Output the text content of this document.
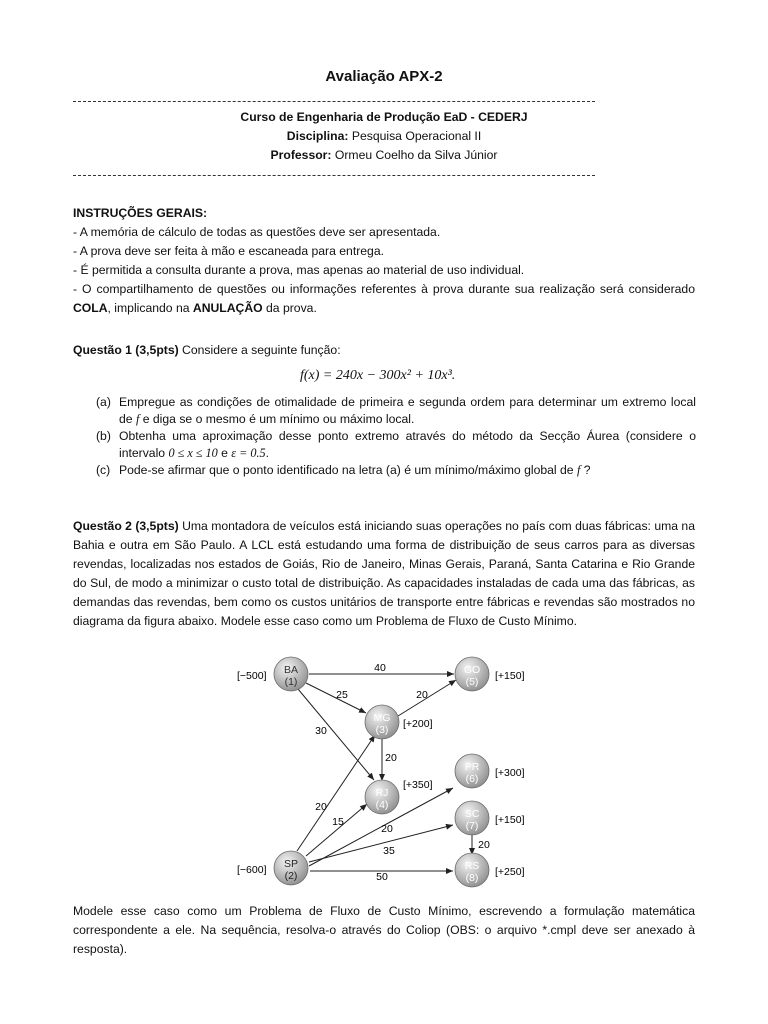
Avaliação APX-2
Curso de Engenharia de Produção EaD - CEDERJ
Disciplina: Pesquisa Operacional II
Professor: Ormeu Coelho da Silva Júnior

INSTRUÇÕES GERAIS:

- A memória de cálculo de todas as questões deve ser apresentada.

- A prova deve ser feita à mão e escaneada para entrega.

- É permitida a consulta durante a prova, mas apenas ao material de uso individual.

- O compartilhamento de questões ou informações referentes à prova durante sua realização será considerado COLA, implicando na ANULAÇÃO da prova.

Questão 1 (3,5pts) Considere a seguinte função:

f(x) = 240x − 300x² + 10x³.
(a) Empregue as condições de otimalidade de primeira e segunda ordem para determinar um extremo local de f e diga se o mesmo é um mínimo ou máximo local.
(b) Obtenha uma aproximação desse ponto extremo através do método da Secção Áurea (considere o intervalo 0 ≤ x ≤ 10 e ε = 0.5.
(c) Pode-se afirmar que o ponto identificado na letra (a) é um mínimo/máximo global de f ?

Questão 2 (3,5pts) Uma montadora de veículos está iniciando suas operações no país com duas fábricas: uma na Bahia e outra em São Paulo. A LCL está estudando uma forma de distribuição de seus carros para as diversas revendas, localizadas nos estados de Goiás, Rio de Janeiro, Minas Gerais, Paraná, Santa Catarina e Rio Grande do Sul, de modo a minimizar o custo total de distribuição. As capacidades instaladas de cada uma das fábricas, as demandas das revendas, bem como os custos unitários de transporte entre fábricas e revendas são mostrados no diagrama da figura abaixo. Modele esse caso como um Problema de Fluxo de Custo Mínimo.

40
25
30
20
20
20
15
20
35
50
20
BA
(1)
[−500]	GO
(5) [+150]
MG
(3) [+200]
PR
(6) [+300]
RJ
(4)
[+350]
SC
(7) [+150]
RS
(8) [+250]
SP
(2)
[−600]

Modele esse caso como um Problema de Fluxo de Custo Mínimo, escrevendo a formulação matemática correspondente a ele. Na sequência, resolva-o através do Coliop (OBS: o arquivo *.cmpl deve ser anexado à resposta).
